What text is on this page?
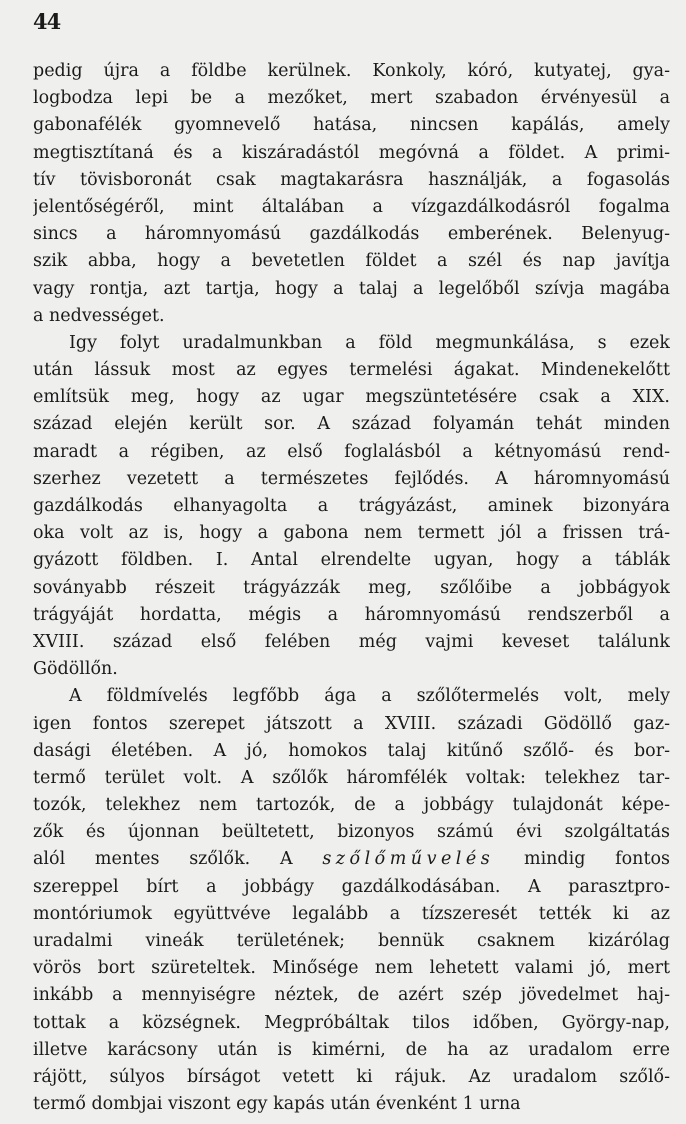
44
pedig újra a földbe kerülnek. Konkoly, kóró, kutyatej, gya-
logbodza lepi be a mezőket, mert szabadon érvényesül a
gabonafélék gyomnevelő hatása, nincsen kapálás, amely
megtisztítaná és a kiszáradástól megóvná a földet. A primi-
tív tövisboronát csak magtakarásra használják, a fogasolás
jelentőségéről, mint általában a vízgazdálkodásról fogalma
sincs a háromnyomású gazdálkodás emberének. Belenyug-
szik abba, hogy a bevetetlen földet a szél és nap javítja
vagy rontja, azt tartja, hogy a talaj a legelőből szívja magába
a nedvességet.
Igy folyt uradalmunkban a föld megmunkálása, s ezek
után lássuk most az egyes termelési ágakat. Mindenekelőtt
említsük meg, hogy az ugar megszüntetésére csak a XIX.
század elején került sor. A század folyamán tehát minden
maradt a régiben, az első foglalásból a kétnyomású rend-
szerhez vezetett a természetes fejlődés. A háromnyomású
gazdálkodás elhanyagolta a trágyázást, aminek bizonyára
oka volt az is, hogy a gabona nem termett jól a frissen trá-
gyázott földben. I. Antal elrendelte ugyan, hogy a táblák
soványabb részeit trágyázzák meg, szőlőibe a jobbágyok
trágyáját hordatta, mégis a háromnyomású rendszerből a
XVIII. század első felében még vajmi keveset találunk
Gödöllőn.
A földmívelés legfőbb ága a szőlőtermelés volt, mely
igen fontos szerepet játszott a XVIII. századi Gödöllő gaz-
dasági életében. A jó, homokos talaj kitűnő szőlő- és bor-
termő terület volt. A szőlők háromfélék voltak: telekhez tar-
tozók, telekhez nem tartozók, de a jobbágy tulajdonát képe-
zők és újonnan beültetett, bizonyos számú évi szolgáltatás
alól mentes szőlők. A szőlőművelés mindig fontos
szereppel bírt a jobbágy gazdálkodásában. A parasztpro-
montóriumok együttvéve legalább a tízszeresét tették ki az
uradalmi vineák területének; bennük csaknem kizárólag
vörös bort szüreteltek. Minősége nem lehetett valami jó, mert
inkább a mennyiségre néztek, de azért szép jövedelmet haj-
tottak a községnek. Megpróbáltak tilos időben, György-nap,
illetve karácsony után is kimérni, de ha az uradalom erre
rájött, súlyos bírságot vetett ki rájuk. Az uradalom szőlő-
termő dombjai viszont egy kapás után évenként 1 urna
